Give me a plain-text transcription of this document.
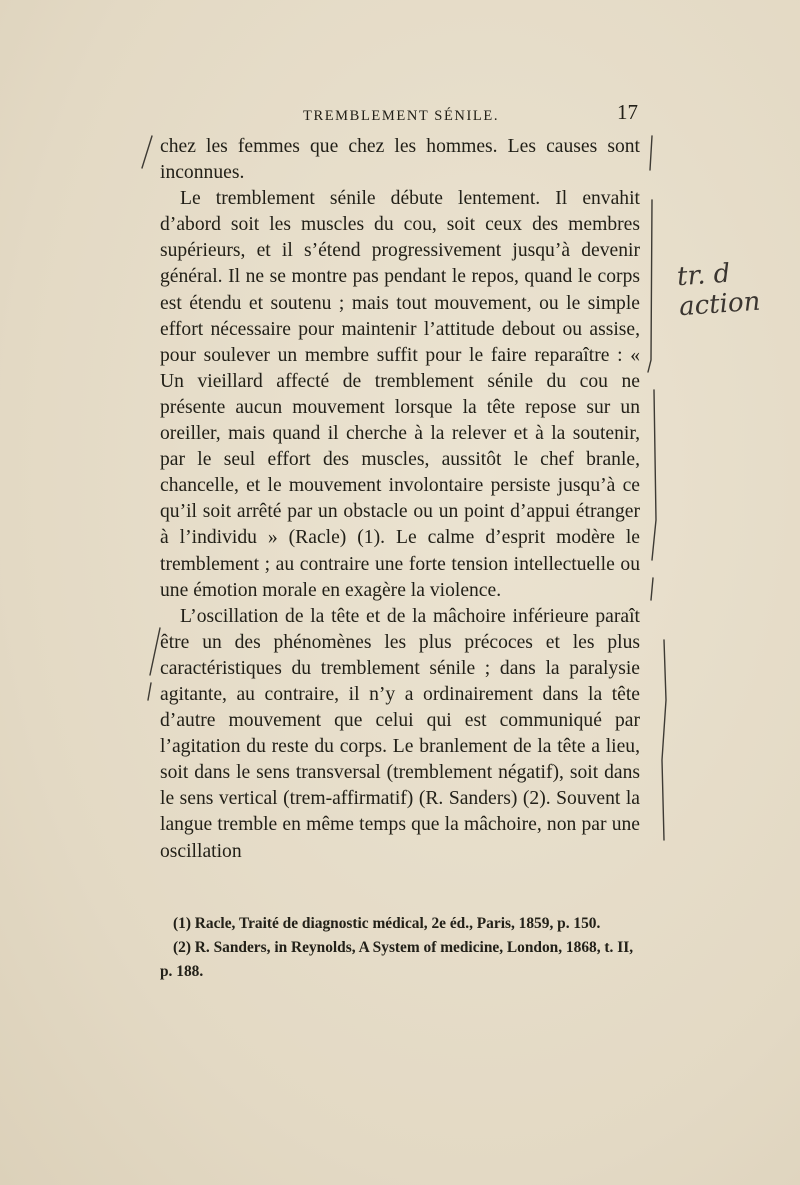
TREMBLEMENT SÉNILE.	17

chez les femmes que chez les hommes. Les causes sont inconnues.

Le tremblement sénile débute lentement. Il envahit d’abord soit les muscles du cou, soit ceux des membres supérieurs, et il s’étend progressivement jusqu’à devenir général. Il ne se montre pas pendant le repos, quand le corps est étendu et soutenu ; mais tout mouvement, ou le simple effort nécessaire pour maintenir l’attitude debout ou assise, pour soulever un membre suffit pour le faire reparaître : « Un vieillard affecté de tremblement sénile du cou ne présente aucun mouvement lorsque la tête repose sur un oreiller, mais quand il cherche à la relever et à la soutenir, par le seul effort des muscles, aussitôt le chef branle, chancelle, et le mouvement involontaire persiste jusqu’à ce qu’il soit arrêté par un obstacle ou un point d’appui étranger à l’individu » (Racle) (1). Le calme d’esprit modère le tremblement ; au contraire une forte tension intellectuelle ou une émotion morale en exagère la violence.

L’oscillation de la tête et de la mâchoire inférieure paraît être un des phénomènes les plus précoces et les plus caractéristiques du tremblement sénile ; dans la paralysie agitante, au contraire, il n’y a ordinairement dans la tête d’autre mouvement que celui qui est communiqué par l’agitation du reste du corps. Le branlement de la tête a lieu, soit dans le sens transversal (tremblement négatif), soit dans le sens vertical (trem-affirmatif) (R. Sanders) (2). Souvent la langue tremble en même temps que la mâchoire, non par une oscillation

(1) Racle, Traité de diagnostic médical, 2e éd., Paris, 1859, p. 150.

(2) R. Sanders, in Reynolds, A System of medicine, London, 1868, t. II, p. 188.

tr. d action
